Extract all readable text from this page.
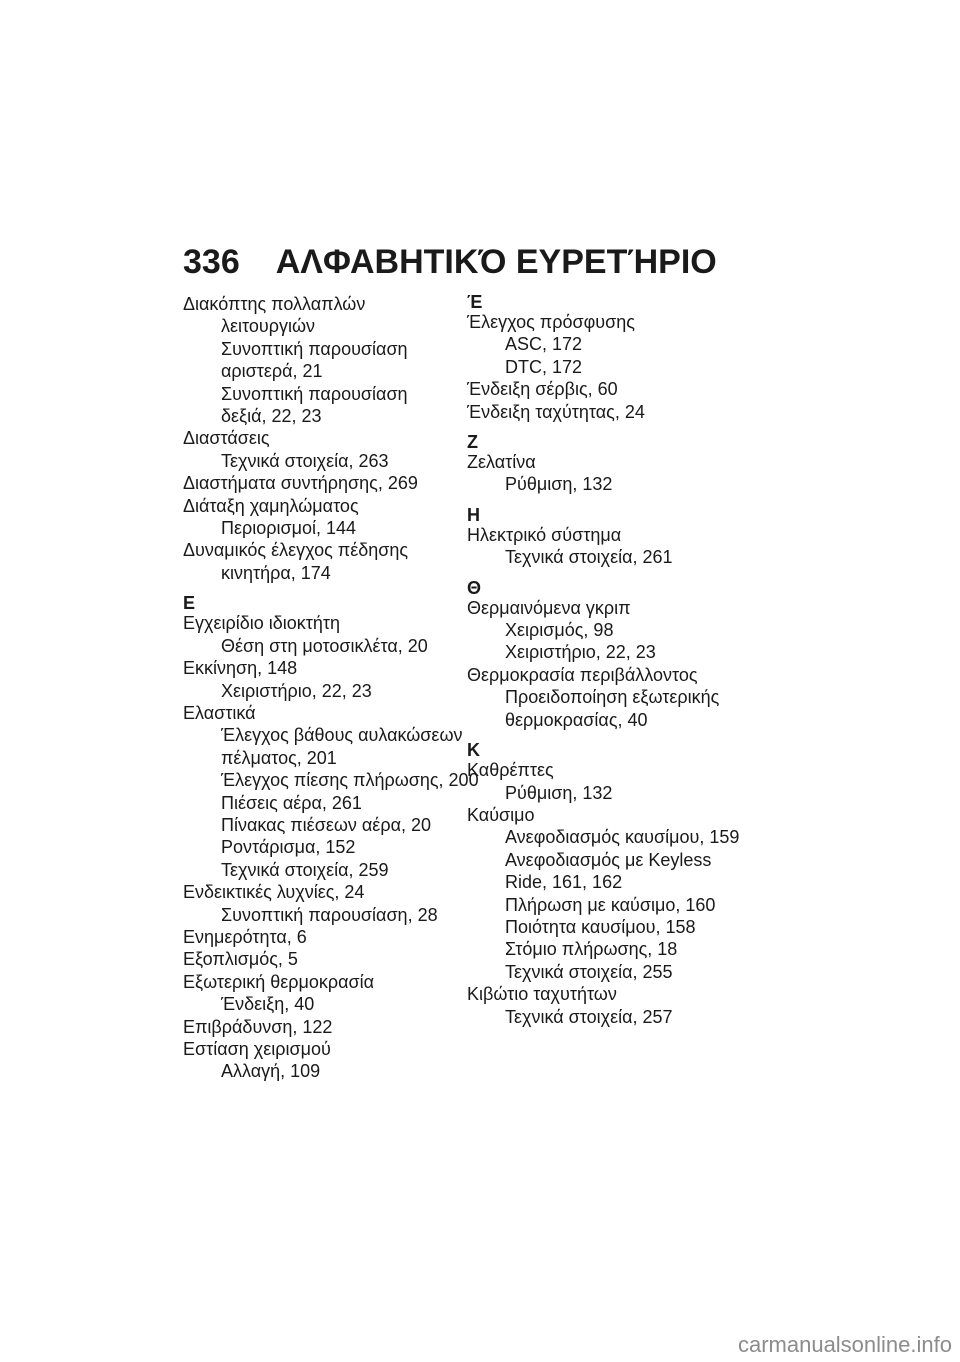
336 ΑΛΦΑΒΗΤΙΚΌ ΕΥΡΕΤΉΡΙΟ
Διακόπτης πολλαπλών
λειτουργιών
Συνοπτική παρουσίαση
αριστερά, 21
Συνοπτική παρουσίαση
δεξιά, 22, 23
Διαστάσεις
Τεχνικά στοιχεία, 263
Διαστήματα συντήρησης, 269
Διάταξη χαμηλώματος
Περιορισμοί, 144
Δυναμικός έλεγχος πέδησης
κινητήρα, 174
Ε
Εγχειρίδιο ιδιοκτήτη
Θέση στη μοτοσικλέτα, 20
Εκκίνηση, 148
Χειριστήριο, 22, 23
Ελαστικά
Έλεγχος βάθους αυλακώσεων
πέλματος, 201
Έλεγχος πίεσης πλήρωσης, 200
Πιέσεις αέρα, 261
Πίνακας πιέσεων αέρα, 20
Ροντάρισμα, 152
Τεχνικά στοιχεία, 259
Ενδεικτικές λυχνίες, 24
Συνοπτική παρουσίαση, 28
Ενημερότητα, 6
Εξοπλισμός, 5
Εξωτερική θερμοκρασία
Ένδειξη, 40
Επιβράδυνση, 122
Εστίαση χειρισμού
Αλλαγή, 109
Έ
Έλεγχος πρόσφυσης
ASC, 172
DTC, 172
Ένδειξη σέρβις, 60
Ένδειξη ταχύτητας, 24
Ζ
Ζελατίνα
Ρύθμιση, 132
Η
Ηλεκτρικό σύστημα
Τεχνικά στοιχεία, 261
Θ
Θερμαινόμενα γκριπ
Χειρισμός, 98
Χειριστήριο, 22, 23
Θερμοκρασία περιβάλλοντος
Προειδοποίηση εξωτερικής
θερμοκρασίας, 40
Κ
Καθρέπτες
Ρύθμιση, 132
Καύσιμο
Ανεφοδιασμός καυσίμου, 159
Ανεφοδιασμός με Keyless
Ride, 161, 162
Πλήρωση με καύσιμο, 160
Ποιότητα καυσίμου, 158
Στόμιο πλήρωσης, 18
Τεχνικά στοιχεία, 255
Κιβώτιο ταχυτήτων
Τεχνικά στοιχεία, 257
carmanualsonline.info
